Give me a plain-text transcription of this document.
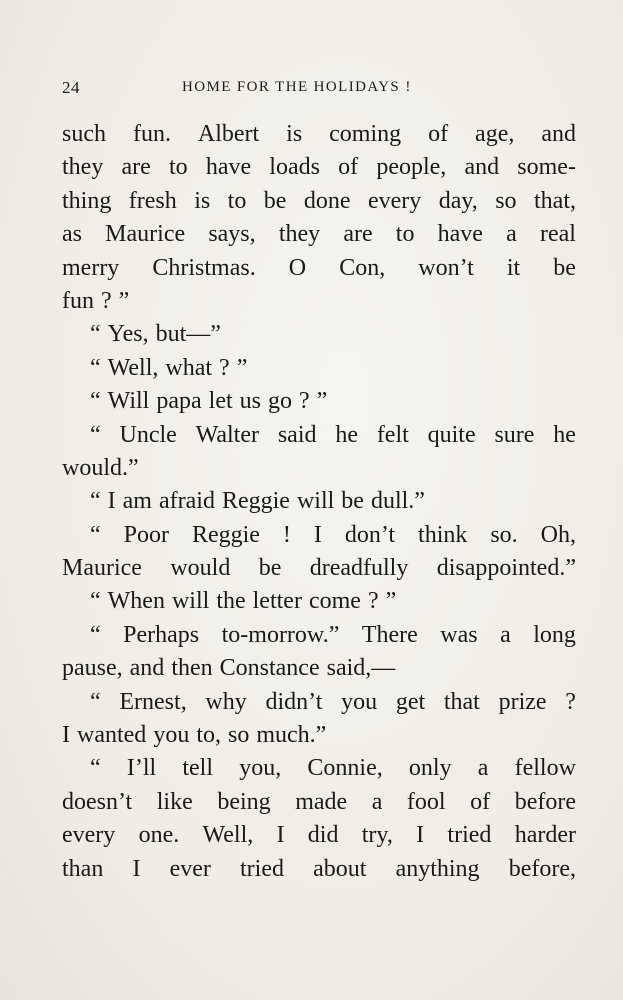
24	HOME FOR THE HOLIDAYS !
such fun. Albert is coming of age, and
they are to have loads of people, and some-
thing fresh is to be done every day, so that,
as Maurice says, they are to have a real
merry Christmas. O Con, won’t it be
fun ? ”
“ Yes, but—”
“ Well, what ? ”
“ Will papa let us go ? ”
“ Uncle Walter said he felt quite sure he
would.”
“ I am afraid Reggie will be dull.”
“ Poor Reggie ! I don’t think so. Oh,
Maurice would be dreadfully disappointed.”
“ When will the letter come ? ”
“ Perhaps to-morrow.” There was a long
pause, and then Constance said,—
“ Ernest, why didn’t you get that prize ?
I wanted you to, so much.”
“ I’ll tell you, Connie, only a fellow
doesn’t like being made a fool of before
every one. Well, I did try, I tried harder
than I ever tried about anything before,
